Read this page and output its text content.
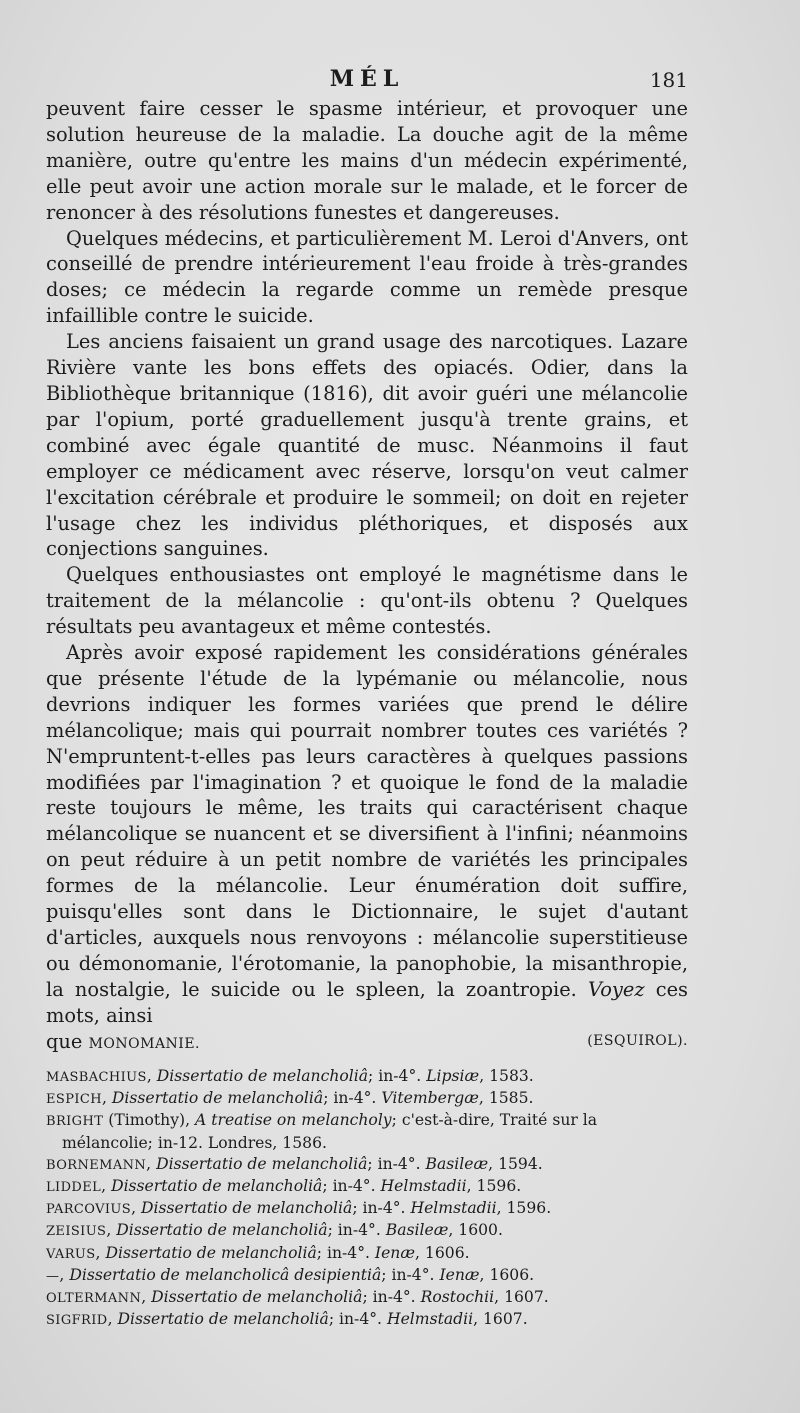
MÉL	181

peuvent faire cesser le spasme intérieur, et provoquer une solution heureuse de la maladie. La douche agit de la même manière, outre qu'entre les mains d'un médecin expérimenté, elle peut avoir une action morale sur le malade, et le forcer de renoncer à des résolutions funestes et dangereuses.

Quelques médecins, et particulièrement M. Leroi d'Anvers, ont conseillé de prendre intérieurement l'eau froide à très-grandes doses; ce médecin la regarde comme un remède presque infaillible contre le suicide.

Les anciens faisaient un grand usage des narcotiques. Lazare Rivière vante les bons effets des opiacés. Odier, dans la Bibliothèque britannique (1816), dit avoir guéri une mélancolie par l'opium, porté graduellement jusqu'à trente grains, et combiné avec égale quantité de musc. Néanmoins il faut employer ce médicament avec réserve, lorsqu'on veut calmer l'excitation cérébrale et produire le sommeil; on doit en rejeter l'usage chez les individus pléthoriques, et disposés aux conjections sanguines.

Quelques enthousiastes ont employé le magnétisme dans le traitement de la mélancolie : qu'ont-ils obtenu ? Quelques résultats peu avantageux et même contestés.

Après avoir exposé rapidement les considérations générales que présente l'étude de la lypémanie ou mélancolie, nous devrions indiquer les formes variées que prend le délire mélancolique; mais qui pourrait nombrer toutes ces variétés ? N'empruntent-t-elles pas leurs caractères à quelques passions modifiées par l'imagination ? et quoique le fond de la maladie reste toujours le même, les traits qui caractérisent chaque mélancolique se nuancent et se diversifient à l'infini; néanmoins on peut réduire à un petit nombre de variétés les principales formes de la mélancolie. Leur énumération doit suffire, puisqu'elles sont dans le Dictionnaire, le sujet d'autant d'articles, auxquels nous renvoyons : mélancolie superstitieuse ou démonomanie, l'érotomanie, la panophobie, la misanthropie, la nostalgie, le suicide ou le spleen, la zoantropie. Voyez ces mots, ainsi

que MONOMANIE.	(ESQUIROL).
MASBACHIUS, Dissertatio de melancholiâ; in-4°. Lipsiæ, 1583.
ESPICH, Dissertatio de melancholiâ; in-4°. Vitembergæ, 1585.
BRIGHT (Timothy), A treatise on melancholy; c'est-à-dire, Traité sur la mélancolie; in-12. Londres, 1586.
BORNEMANN, Dissertatio de melancholiâ; in-4°. Basileæ, 1594.
LIDDEL, Dissertatio de melancholiâ; in-4°. Helmstadii, 1596.
PARCOVIUS, Dissertatio de melancholiâ; in-4°. Helmstadii, 1596.
ZEISIUS, Dissertatio de melancholiâ; in-4°. Basileæ, 1600.
VARUS, Dissertatio de melancholiâ; in-4°. Ienæ, 1606.
—, Dissertatio de melancholicâ desipientiâ; in-4°. Ienæ, 1606.
OLTERMANN, Dissertatio de melancholiâ; in-4°. Rostochii, 1607.
SIGFRID, Dissertatio de melancholiâ; in-4°. Helmstadii, 1607.
